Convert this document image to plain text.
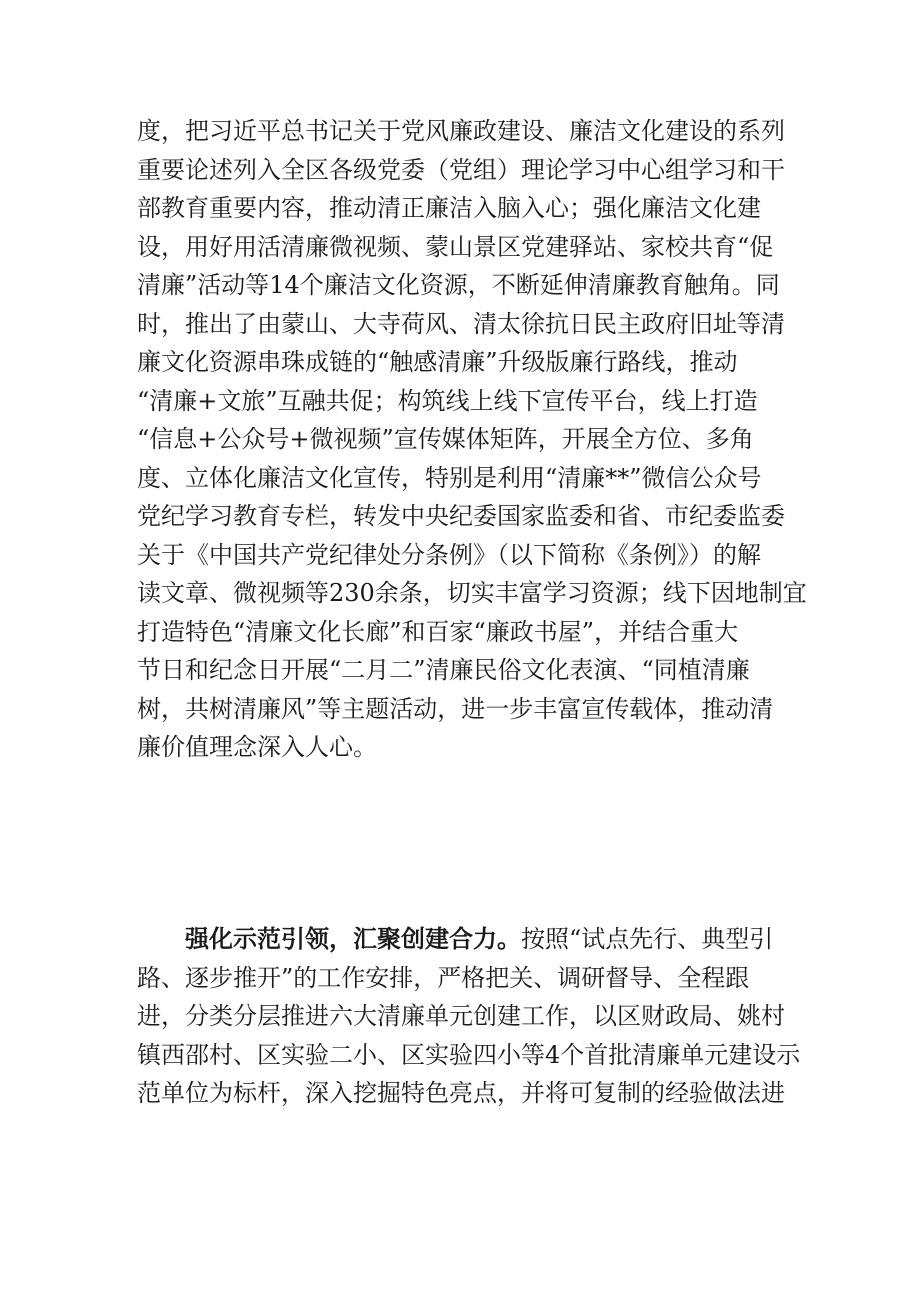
度，把习近平总书记关于党风廉政建设、廉洁文化建设的系列
重要论述列入全区各级党委（党组）理论学习中心组学习和干
部教育重要内容，推动清正廉洁入脑入心；强化廉洁文化建
设，用好用活清廉微视频、蒙山景区党建驿站、家校共育“促
清廉”活动等14个廉洁文化资源，不断延伸清廉教育触角。同
时，推出了由蒙山、大寺荷风、清太徐抗日民主政府旧址等清
廉文化资源串珠成链的“触感清廉”升级版廉行路线，推动
“清廉+文旅”互融共促；构筑线上线下宣传平台，线上打造
“信息+公众号+微视频”宣传媒体矩阵，开展全方位、多角
度、立体化廉洁文化宣传，特别是利用“清廉**”微信公众号
党纪学习教育专栏，转发中央纪委国家监委和省、市纪委监委
关于《中国共产党纪律处分条例》（以下简称《条例》）的解
读文章、微视频等230余条，切实丰富学习资源；线下因地制宜
打造特色“清廉文化长廊”和百家“廉政书屋”，并结合重大
节日和纪念日开展“二月二”清廉民俗文化表演、“同植清廉
树，共树清廉风”等主题活动，进一步丰富宣传载体，推动清
廉价值理念深入人心。
　　强化示范引领，汇聚创建合力。按照“试点先行、典型引
路、逐步推开”的工作安排，严格把关、调研督导、全程跟
进，分类分层推进六大清廉单元创建工作，以区财政局、姚村
镇西邵村、区实验二小、区实验四小等4个首批清廉单元建设示
范单位为标杆，深入挖掘特色亮点，并将可复制的经验做法进
